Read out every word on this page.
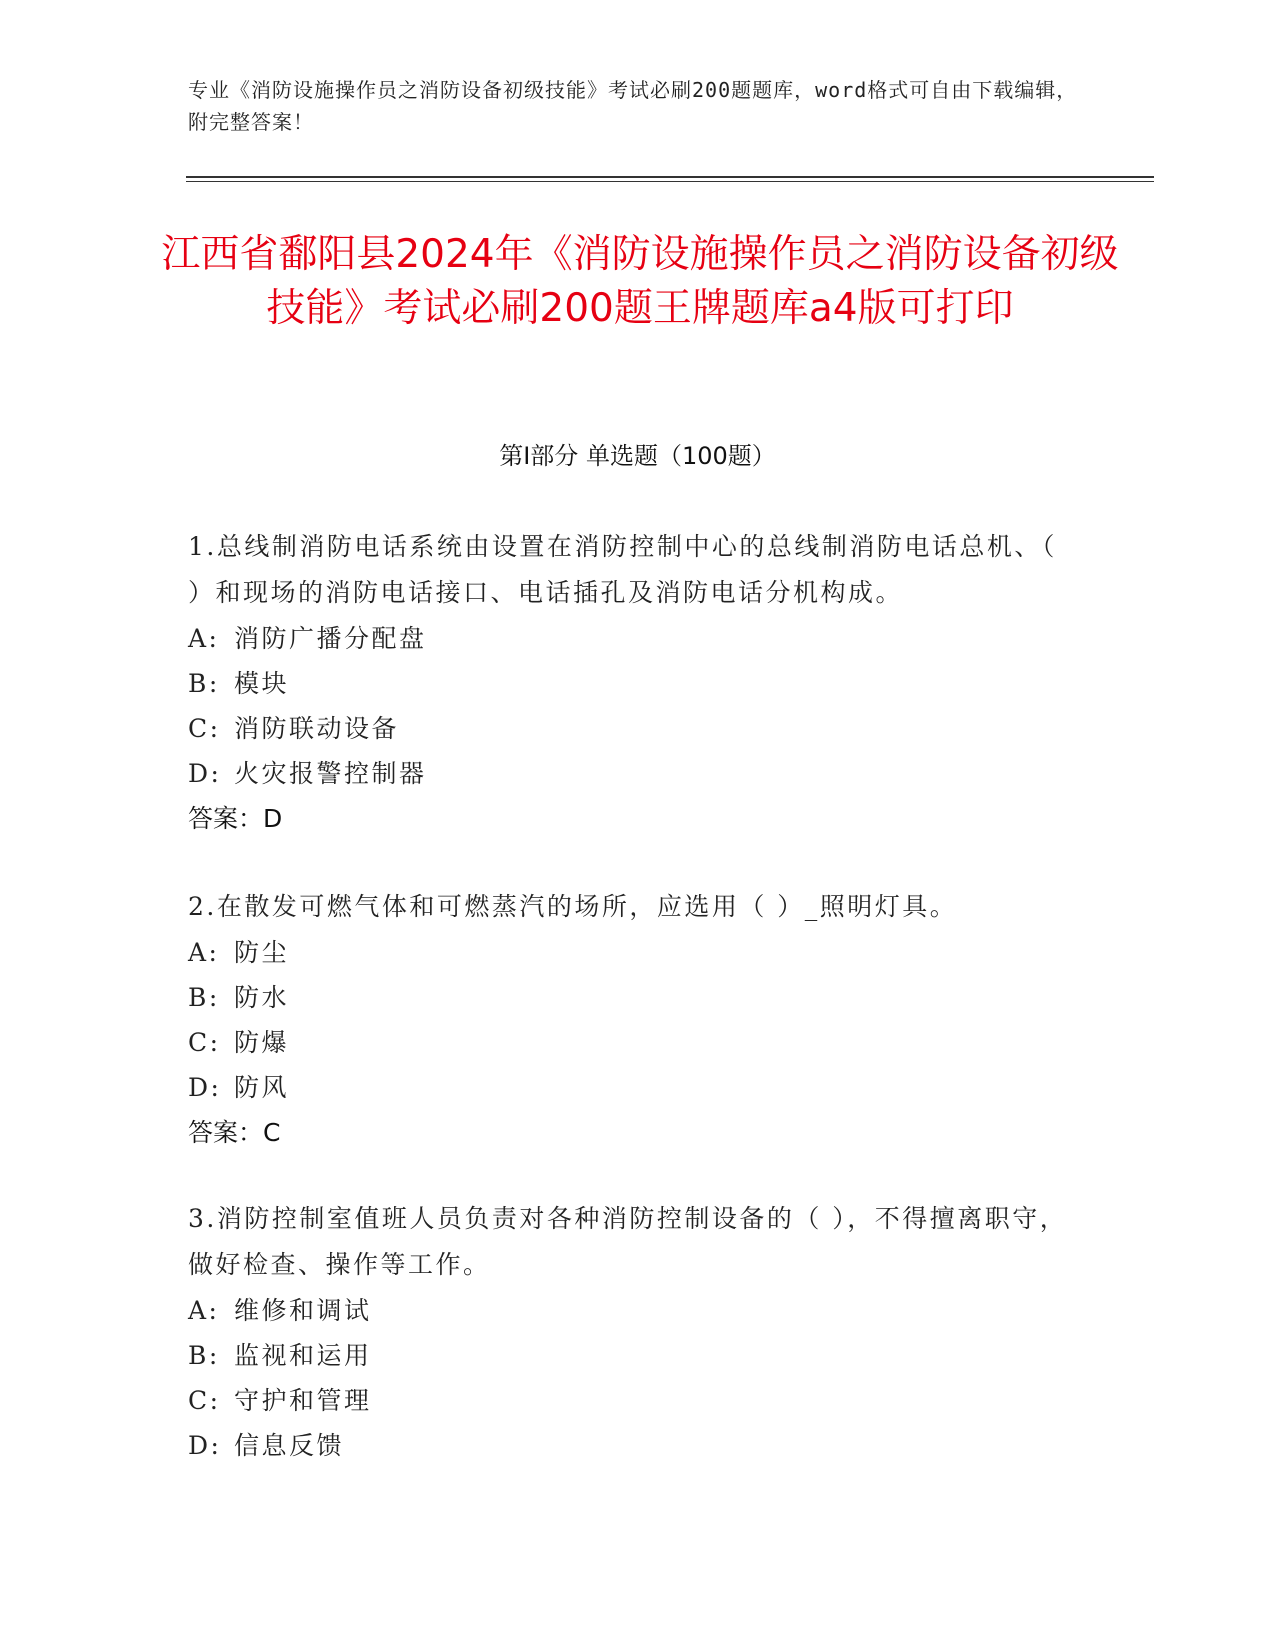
专业《消防设施操作员之消防设备初级技能》考试必刷200题题库，word格式可自由下载编辑，附完整答案！
江西省鄱阳县2024年《消防设施操作员之消防设备初级技能》考试必刷200题王牌题库a4版可打印
第I部分 单选题（100题）
1.总线制消防电话系统由设置在消防控制中心的总线制消防电话总机、（ ）和现场的消防电话接口、电话插孔及消防电话分机构成。
A: 消防广播分配盘
B: 模块
C: 消防联动设备
D: 火灾报警控制器
答案：D
2.在散发可燃气体和可燃蒸汽的场所，应选用（ ）_照明灯具。
A: 防尘
B: 防水
C: 防爆
D: 防风
答案：C
3.消防控制室值班人员负责对各种消防控制设备的（ ），不得擅离职守，做好检查、操作等工作。
A: 维修和调试
B: 监视和运用
C: 守护和管理
D: 信息反馈
